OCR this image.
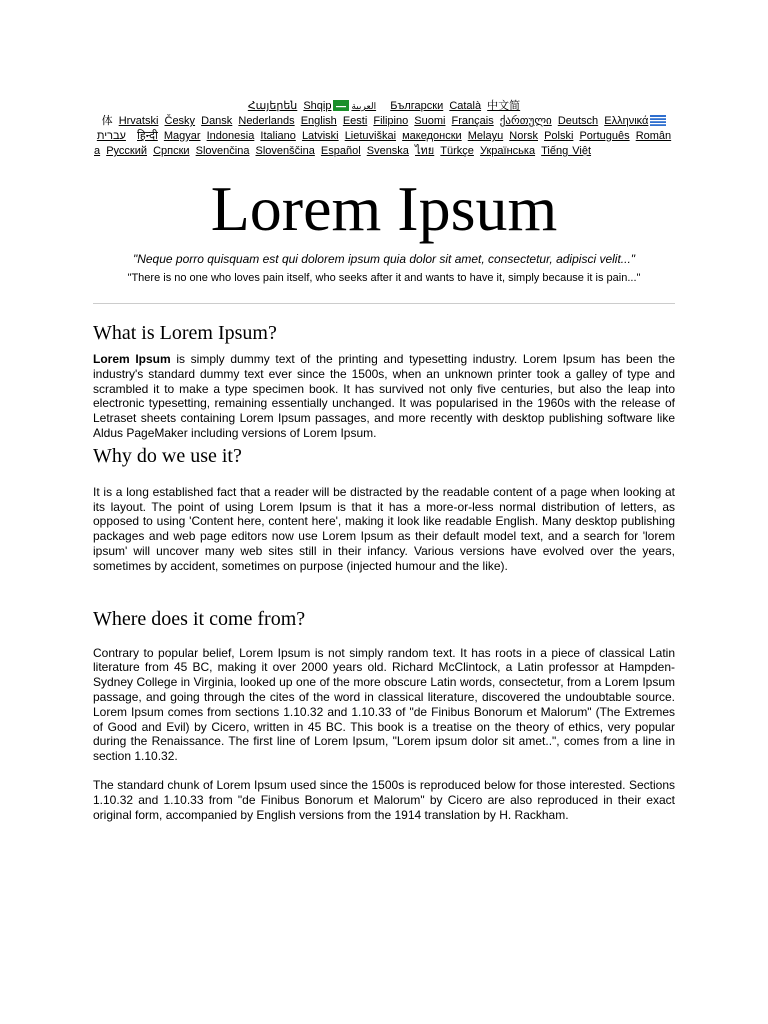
Հայերեն Shqip العربية Български Català 中文简
体 Hrvatski Česky Dansk Nederlands English Eesti Filipino Suomi Français ქართული Deutsch Ελληνικά
עברית हिन्दी Magyar Indonesia Italiano Latviski Lietuviškai македонски Melayu Norsk Polski Português Român
a Русский Српски Slovenčina Slovenščina Español Svenska ไทย Türkçe Українська Tiếng Việt
Lorem Ipsum
"Neque porro quisquam est qui dolorem ipsum quia dolor sit amet, consectetur, adipisci velit..."
"There is no one who loves pain itself, who seeks after it and wants to have it, simply because it is pain..."
What is Lorem Ipsum?

Lorem Ipsum is simply dummy text of the printing and typesetting industry. Lorem Ipsum has been the industry's standard dummy text ever since the 1500s, when an unknown printer took a galley of type and scrambled it to make a type specimen book. It has survived not only five centuries, but also the leap into electronic typesetting, remaining essentially unchanged. It was popularised in the 1960s with the release of Letraset sheets containing Lorem Ipsum passages, and more recently with desktop publishing software like Aldus PageMaker including versions of Lorem Ipsum.

Why do we use it?

It is a long established fact that a reader will be distracted by the readable content of a page when looking at its layout. The point of using Lorem Ipsum is that it has a more-or-less normal distribution of letters, as opposed to using 'Content here, content here', making it look like readable English. Many desktop publishing packages and web page editors now use Lorem Ipsum as their default model text, and a search for 'lorem ipsum' will uncover many web sites still in their infancy. Various versions have evolved over the years, sometimes by accident, sometimes on purpose (injected humour and the like).

Where does it come from?

Contrary to popular belief, Lorem Ipsum is not simply random text. It has roots in a piece of classical Latin literature from 45 BC, making it over 2000 years old. Richard McClintock, a Latin professor at Hampden-Sydney College in Virginia, looked up one of the more obscure Latin words, consectetur, from a Lorem Ipsum passage, and going through the cites of the word in classical literature, discovered the undoubtable source. Lorem Ipsum comes from sections 1.10.32 and 1.10.33 of "de Finibus Bonorum et Malorum" (The Extremes of Good and Evil) by Cicero, written in 45 BC. This book is a treatise on the theory of ethics, very popular during the Renaissance. The first line of Lorem Ipsum, "Lorem ipsum dolor sit amet..", comes from a line in section 1.10.32.

The standard chunk of Lorem Ipsum used since the 1500s is reproduced below for those interested. Sections 1.10.32 and 1.10.33 from "de Finibus Bonorum et Malorum" by Cicero are also reproduced in their exact original form, accompanied by English versions from the 1914 translation by H. Rackham.
